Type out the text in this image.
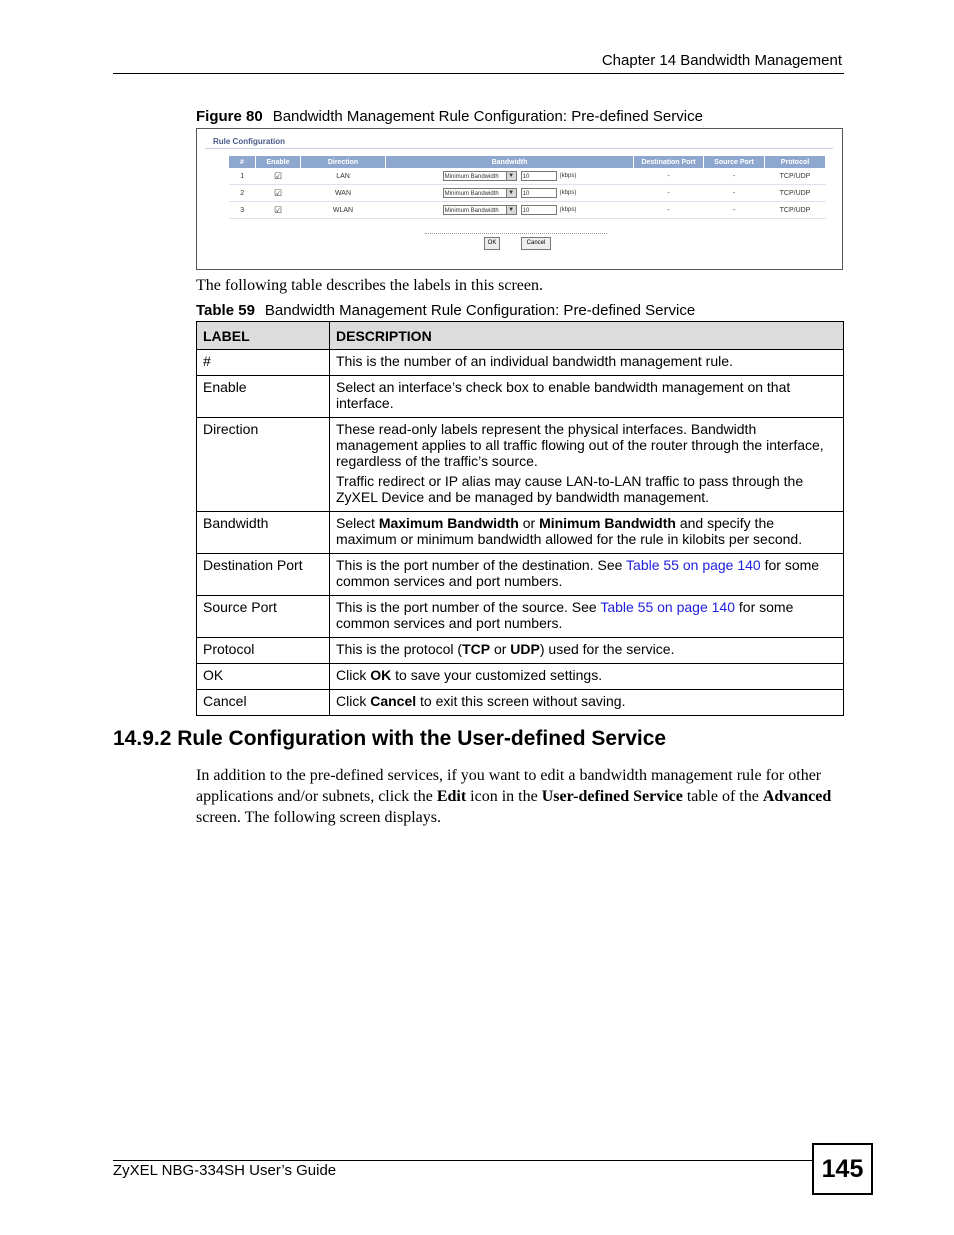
Chapter 14 Bandwidth Management
Figure 80 Bandwidth Management Rule Configuration: Pre-defined Service
Rule Configuration
#	Enable	Direction	Bandwidth	Destination Port	Source Port	Protocol
1	☑	LAN	Minimum Bandwidth ▼ 10 (kbps)	-	-	TCP/UDP
2	☑	WAN	Minimum Bandwidth ▼ 10 (kbps)	-	-	TCP/UDP
3	☑	WLAN	Minimum Bandwidth ▼ 10 (kbps)	-	-	TCP/UDP
OK	Cancel
The following table describes the labels in this screen.
Table 59 Bandwidth Management Rule Configuration: Pre-defined Service
LABEL	DESCRIPTION
#	This is the number of an individual bandwidth management rule.
Enable	Select an interface’s check box to enable bandwidth management on that interface.
Direction	These read-only labels represent the physical interfaces. Bandwidth management applies to all traffic flowing out of the router through the interface, regardless of the traffic’s source.

Traffic redirect or IP alias may cause LAN-to-LAN traffic to pass through the ZyXEL Device and be managed by bandwidth management.

Bandwidth	Select Maximum Bandwidth or Minimum Bandwidth and specify the maximum or minimum bandwidth allowed for the rule in kilobits per second.
Destination Port	This is the port number of the destination. See Table 55 on page 140 for some common services and port numbers.
Source Port	This is the port number of the source. See Table 55 on page 140 for some common services and port numbers.
Protocol	This is the protocol (TCP or UDP) used for the service.
OK	Click OK to save your customized settings.
Cancel	Click Cancel to exit this screen without saving.
14.9.2 Rule Configuration with the User-defined Service
In addition to the pre-defined services, if you want to edit a bandwidth management rule for other applications and/or subnets, click the Edit icon in the User-defined Service table of the Advanced screen. The following screen displays.
ZyXEL NBG-334SH User’s Guide	145
